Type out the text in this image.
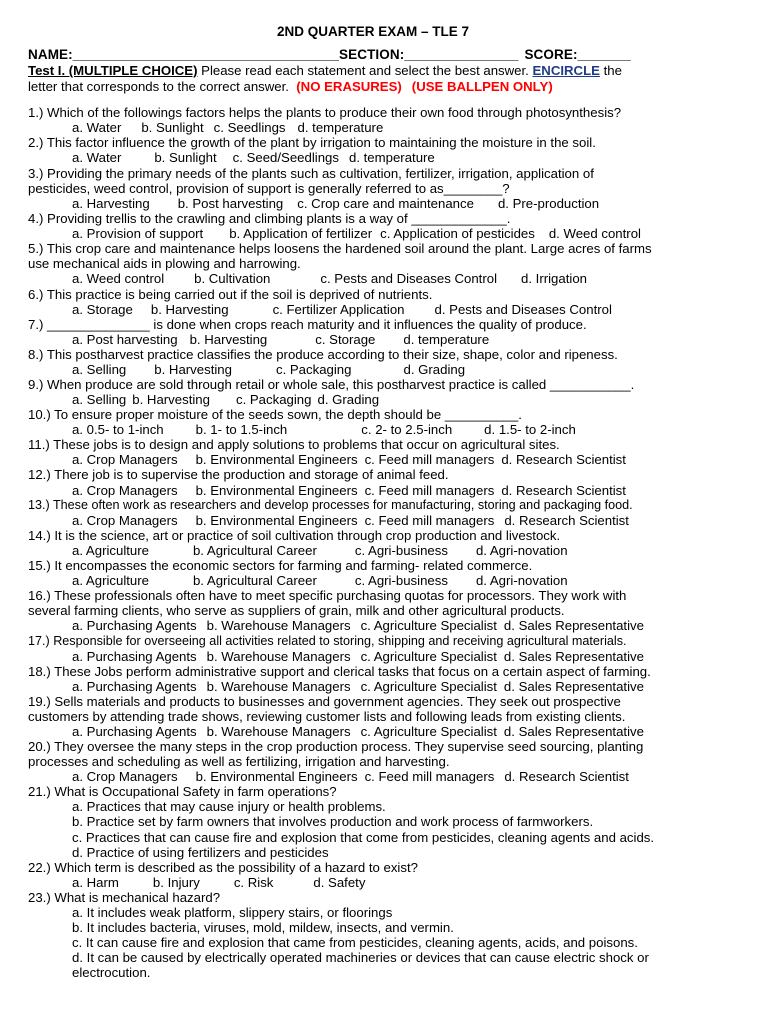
2ND QUARTER EXAM – TLE 7
NAME:___________________________________SECTION:_______________ SCORE:_______
Test I. (MULTIPLE CHOICE) Please read each statement and select the best answer. ENCIRCLE the
letter that corresponds to the correct answer.  (NO ERASURES) (USE BALLPEN ONLY)
1.) Which of the followings factors helps the plants to produce their own food through photosynthesis?
a. Water b. Sunlight c. Seedlings d. temperature
2.) This factor influence the growth of the plant by irrigation to maintaining the moisture in the soil.
a. Water	b. Sunlight c. Seed/Seedlings d. temperature
3.) Providing the primary needs of the plants such as cultivation, fertilizer, irrigation, application of
pesticides, weed control, provision of support is generally referred to as________?
a. Harvesting b. Post harvesting c. Crop care and maintenance d. Pre-production
4.) Providing trellis to the crawling and climbing plants is a way of _____________.
a. Provision of support b. Application of fertilizer c. Application of pesticides d. Weed control
5.) This crop care and maintenance helps loosens the hardened soil around the plant. Large acres of farms
use mechanical aids in plowing and harrowing.
a. Weed control b. Cultivation	c. Pests and Diseases Control d. Irrigation
6.) This practice is being carried out if the soil is deprived of nutrients.
a. Storage b. Harvesting	c. Fertilizer Application d. Pests and Diseases Control
7.) ______________ is done when crops reach maturity and it influences the quality of produce.
a. Post harvesting b. Harvesting	c. Storage d. temperature
8.) This postharvest practice classifies the produce according to their size, shape, color and ripeness.
a. Selling b. Harvesting	c. Packaging	d. Grading
9.) When produce are sold through retail or whole sale, this postharvest practice is called ___________.
a. Selling b. Harvesting c. Packaging d. Grading
10.) To ensure proper moisture of the seeds sown, the depth should be __________.
a. 0.5- to 1-inch b. 1- to 1.5-inch	c. 2- to 2.5-inch d. 1.5- to 2-inch
11.) These jobs is to design and apply solutions to problems that occur on agricultural sites.
a. Crop Managers b. Environmental Engineers c. Feed mill managers d. Research Scientist
12.) There job is to supervise the production and storage of animal feed.
a. Crop Managers b. Environmental Engineers c. Feed mill managers d. Research Scientist
13.) These often work as researchers and develop processes for manufacturing, storing and packaging food.
a. Crop Managers b. Environmental Engineers c. Feed mill managers d. Research Scientist
14.) It is the science, art or practice of soil cultivation through crop production and livestock.
a. Agriculture	b. Agricultural Career	c. Agri-business d. Agri-novation
15.) It encompasses the economic sectors for farming and farming- related commerce.
a. Agriculture	b. Agricultural Career	c. Agri-business d. Agri-novation
16.) These professionals often have to meet specific purchasing quotas for processors. They work with
several farming clients, who serve as suppliers of grain, milk and other agricultural products.
a. Purchasing Agents b. Warehouse Managers c. Agriculture Specialist d. Sales Representative
17.) Responsible for overseeing all activities related to storing, shipping and receiving agricultural materials.
a. Purchasing Agents b. Warehouse Managers c. Agriculture Specialist d. Sales Representative
18.) These Jobs perform administrative support and clerical tasks that focus on a certain aspect of farming.
a. Purchasing Agents b. Warehouse Managers c. Agriculture Specialist d. Sales Representative
19.) Sells materials and products to businesses and government agencies. They seek out prospective
customers by attending trade shows, reviewing customer lists and following leads from existing clients.
a. Purchasing Agents b. Warehouse Managers c. Agriculture Specialist d. Sales Representative
20.) They oversee the many steps in the crop production process. They supervise seed sourcing, planting
processes and scheduling as well as fertilizing, irrigation and harvesting.
a. Crop Managers b. Environmental Engineers c. Feed mill managers d. Research Scientist
21.) What is Occupational Safety in farm operations?
a. Practices that may cause injury or health problems.
b. Practice set by farm owners that involves production and work process of farmworkers.
c. Practices that can cause fire and explosion that come from pesticides, cleaning agents and acids.
d. Practice of using fertilizers and pesticides
22.) Which term is described as the possibility of a hazard to exist?
a. Harm	b. Injury	c. Risk	d. Safety
23.) What is mechanical hazard?
a. It includes weak platform, slippery stairs, or floorings
b. It includes bacteria, viruses, mold, mildew, insects, and vermin.
c. It can cause fire and explosion that came from pesticides, cleaning agents, acids, and poisons.
d. It can be caused by electrically operated machineries or devices that can cause electric shock or
electrocution.
